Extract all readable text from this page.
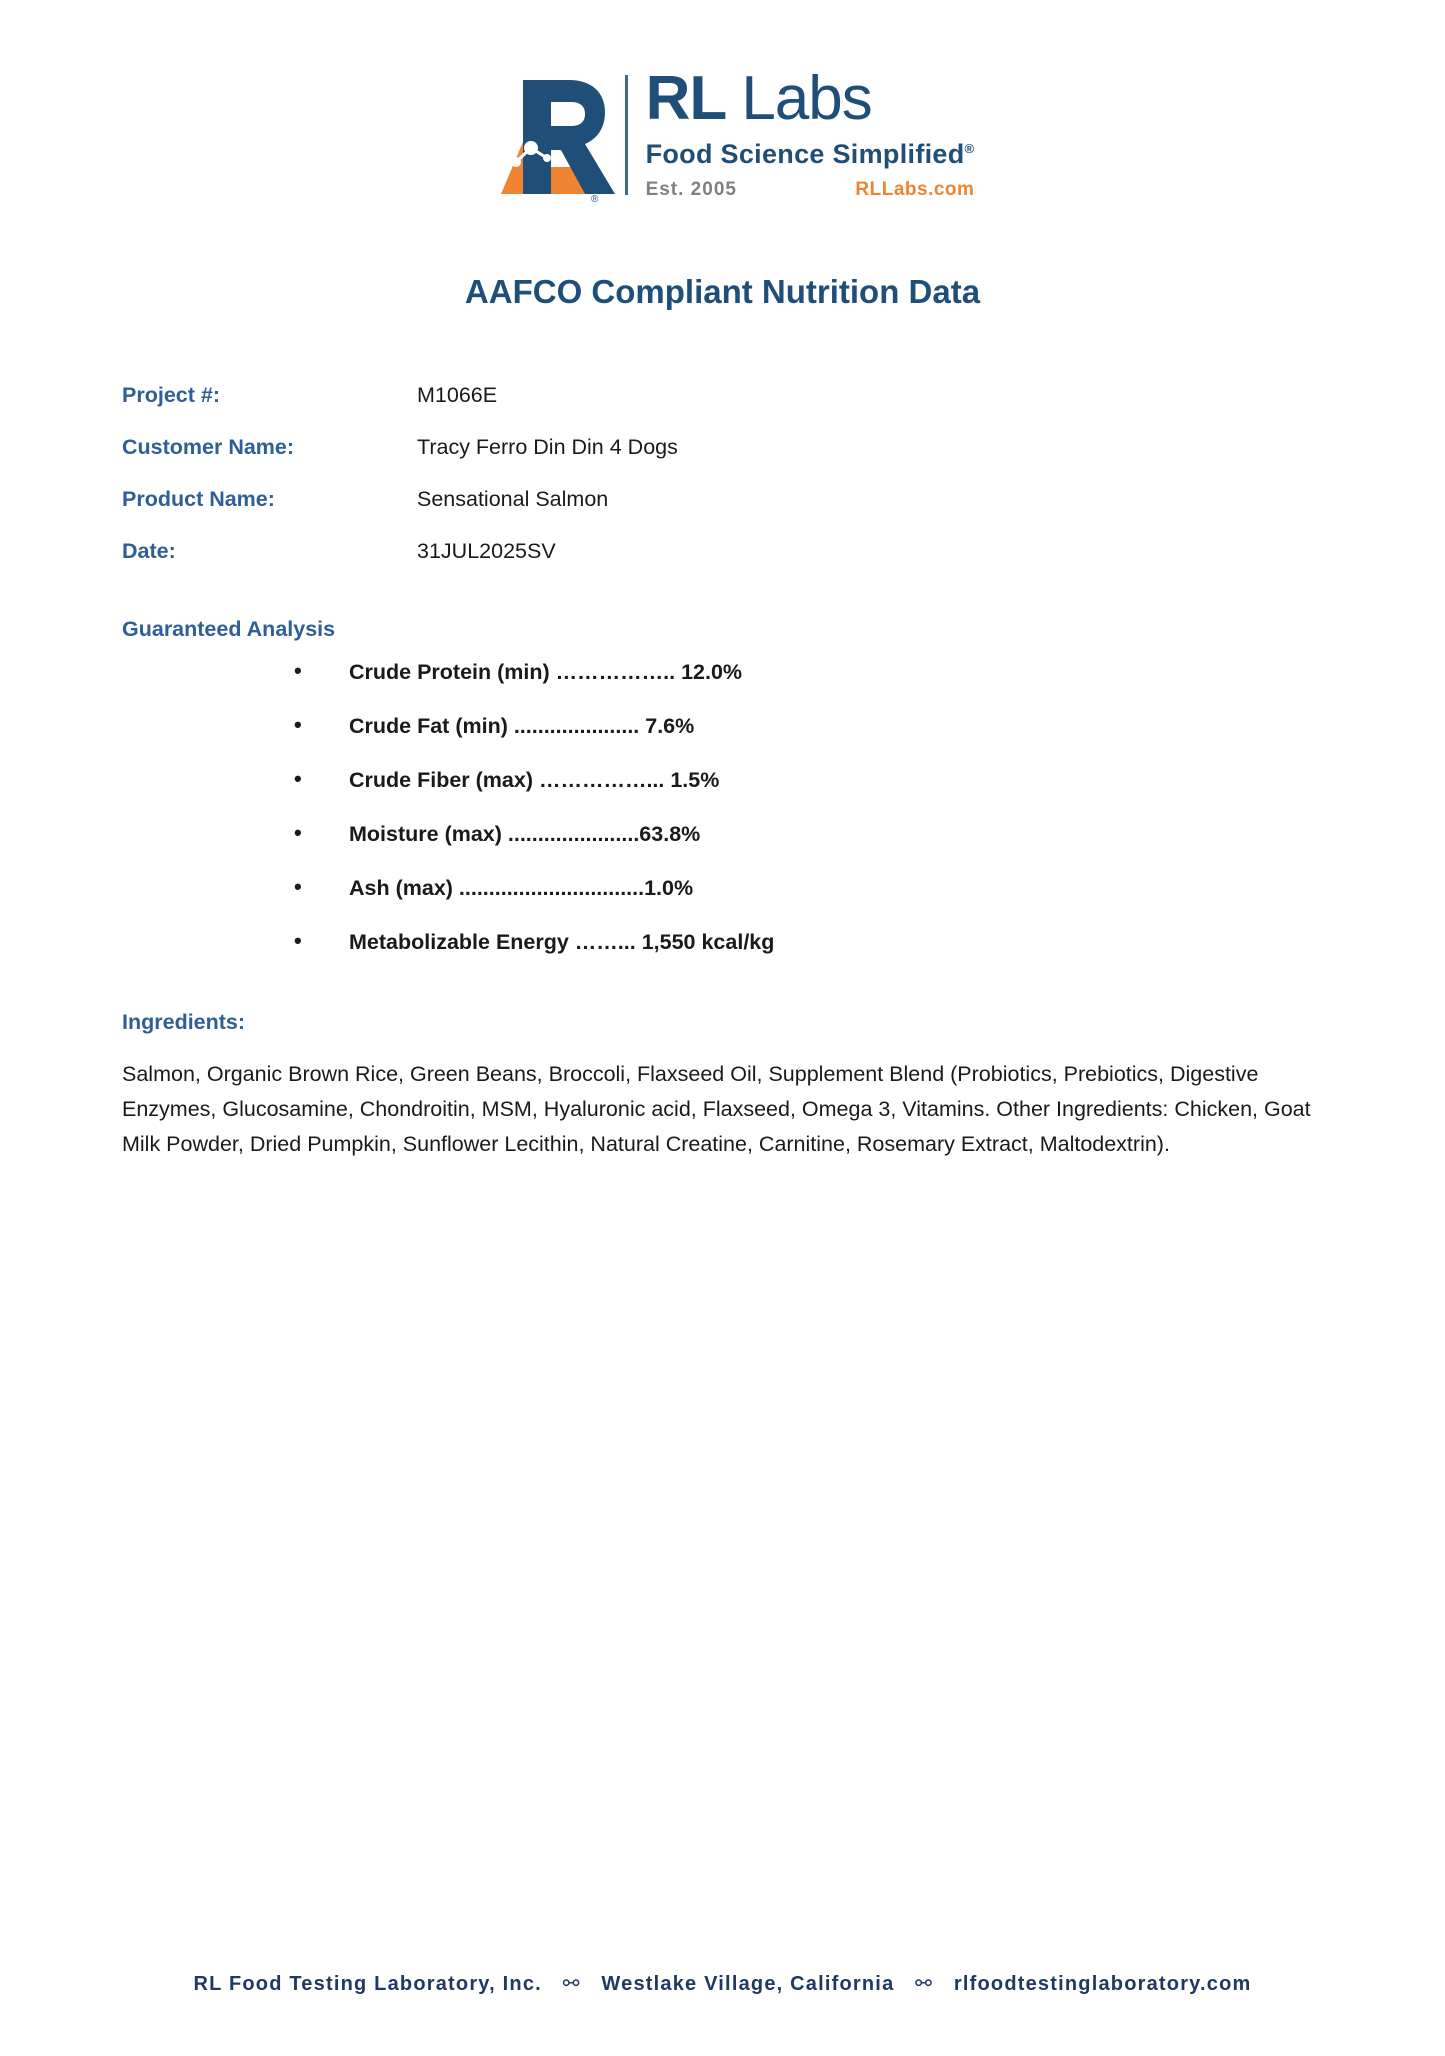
®
RL Labs
Food Science Simplified®
Est. 2005	RLLabs.com
AAFCO Compliant Nutrition Data
Project #:	M1066E
Customer Name:	Tracy Ferro Din Din 4 Dogs
Product Name:	Sensational Salmon
Date:	31JUL2025SV
Guaranteed Analysis
• Crude Protein (min) …………….. 12.0%
• Crude Fat (min) ..................... 7.6%
• Crude Fiber (max) ……………... 1.5%
• Moisture (max) ......................63.8%
• Ash (max) ...............................1.0%
• Metabolizable Energy ……... 1,550 kcal/kg
Ingredients:
Salmon, Organic Brown Rice, Green Beans, Broccoli, Flaxseed Oil, Supplement Blend (Probiotics, Prebiotics, Digestive Enzymes, Glucosamine, Chondroitin, MSM, Hyaluronic acid, Flaxseed, Omega 3, Vitamins. Other Ingredients: Chicken, Goat Milk Powder, Dried Pumpkin, Sunflower Lecithin, Natural Creatine, Carnitine, Rosemary Extract, Maltodextrin).
RL Food Testing Laboratory, Inc. ⚯ Westlake Village, California ⚯ rlfoodtestinglaboratory.com
